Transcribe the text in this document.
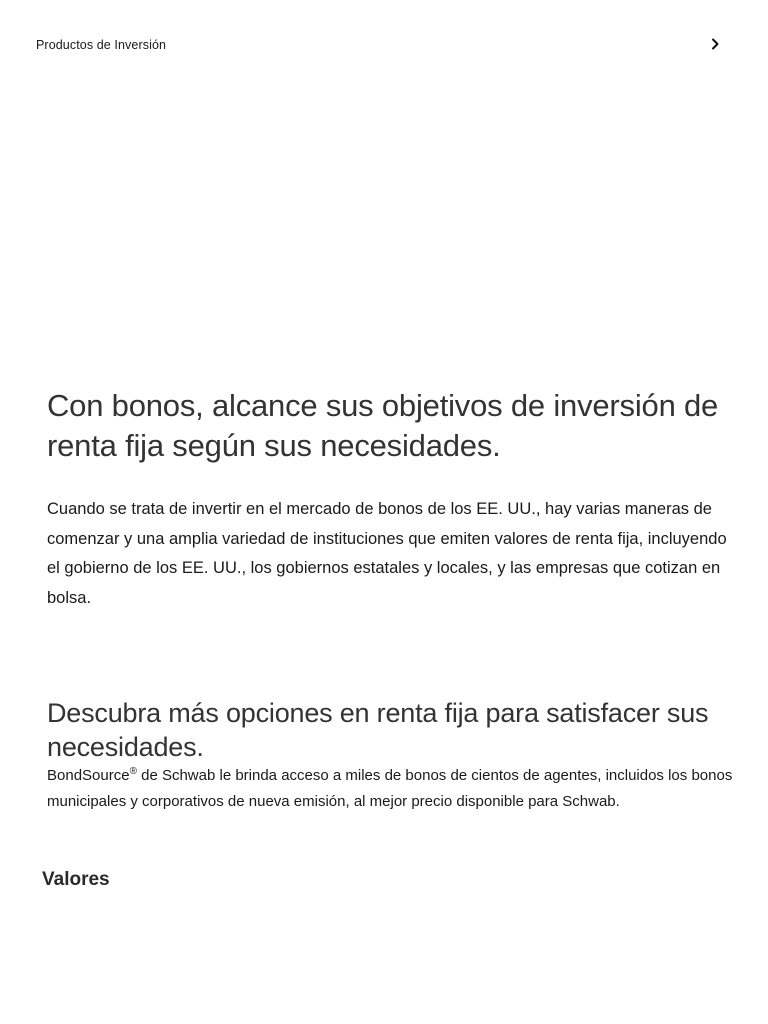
Productos de Inversión
Con bonos, alcance sus objetivos de inversión de renta fija según sus necesidades.

Cuando se trata de invertir en el mercado de bonos de los EE. UU., hay varias maneras de comenzar y una amplia variedad de instituciones que emiten valores de renta fija, incluyendo el gobierno de los EE. UU., los gobiernos estatales y locales, y las empresas que cotizan en bolsa.

Descubra más opciones en renta fija para satisfacer sus necesidades.

BondSource® de Schwab le brinda acceso a miles de bonos de cientos de agentes, incluidos los bonos municipales y corporativos de nueva emisión, al mejor precio disponible para Schwab.

Valores
